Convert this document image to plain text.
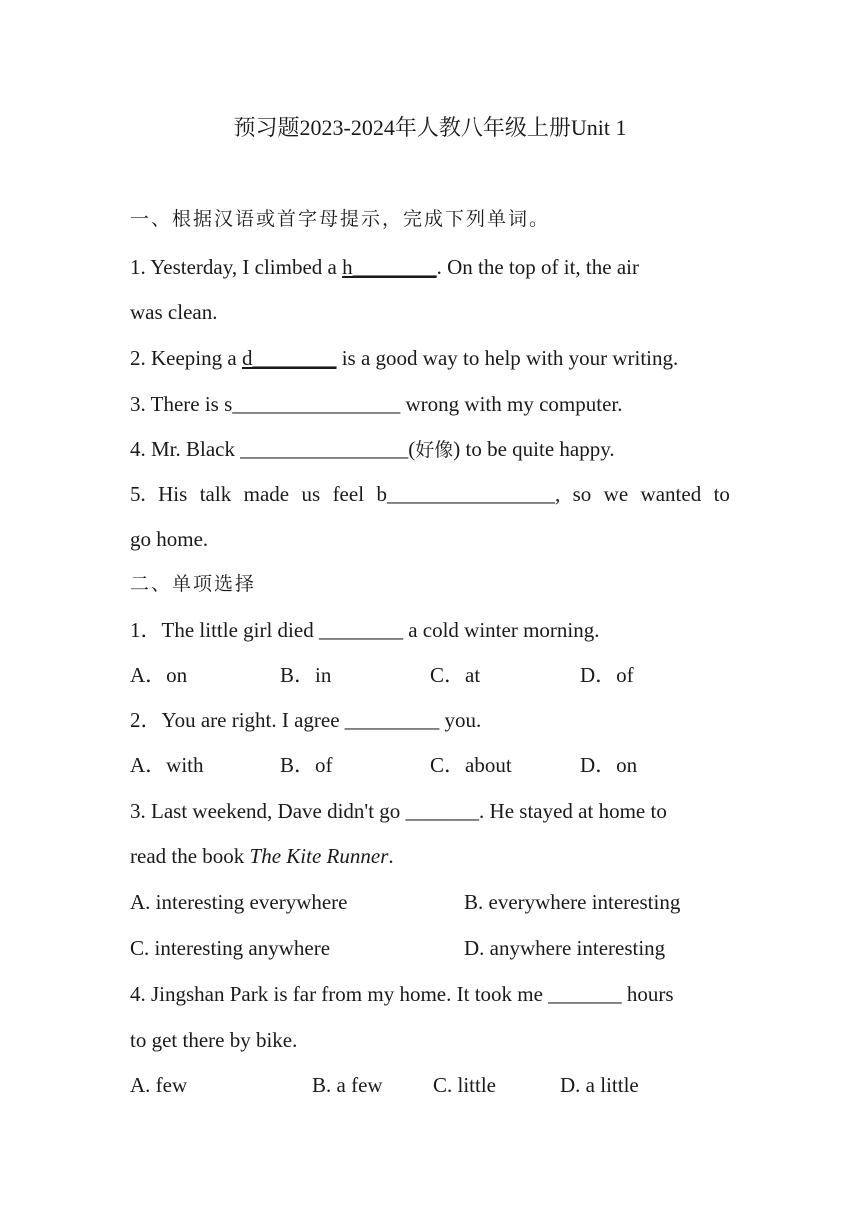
预习题2023-2024年人教八年级上册Unit 1
一、根据汉语或首字母提示，完成下列单词。
1. Yesterday, I climbed a h________. On the top of it, the air
was clean.
2. Keeping a d________ is a good way to help with your writing.
3. There is s________________ wrong with my computer.
4. Mr. Black ________________(好像) to be quite happy.
5. His talk made us feel b________________, so we wanted to
go home.
二、单项选择
1．The little girl died ________ a cold winter morning.
A．on	B．in	C．at	D．of
2．You are right. I agree _________ you.
A．with	B．of	C．about	D．on
3. Last weekend, Dave didn't go _______. He stayed at home to
read the book The Kite Runner.
A. interesting everywhere	B. everywhere interesting
C. interesting anywhere	D. anywhere interesting
4. Jingshan Park is far from my home. It took me _______ hours
to get there by bike.
A. few	B. a few C. little	D. a little
